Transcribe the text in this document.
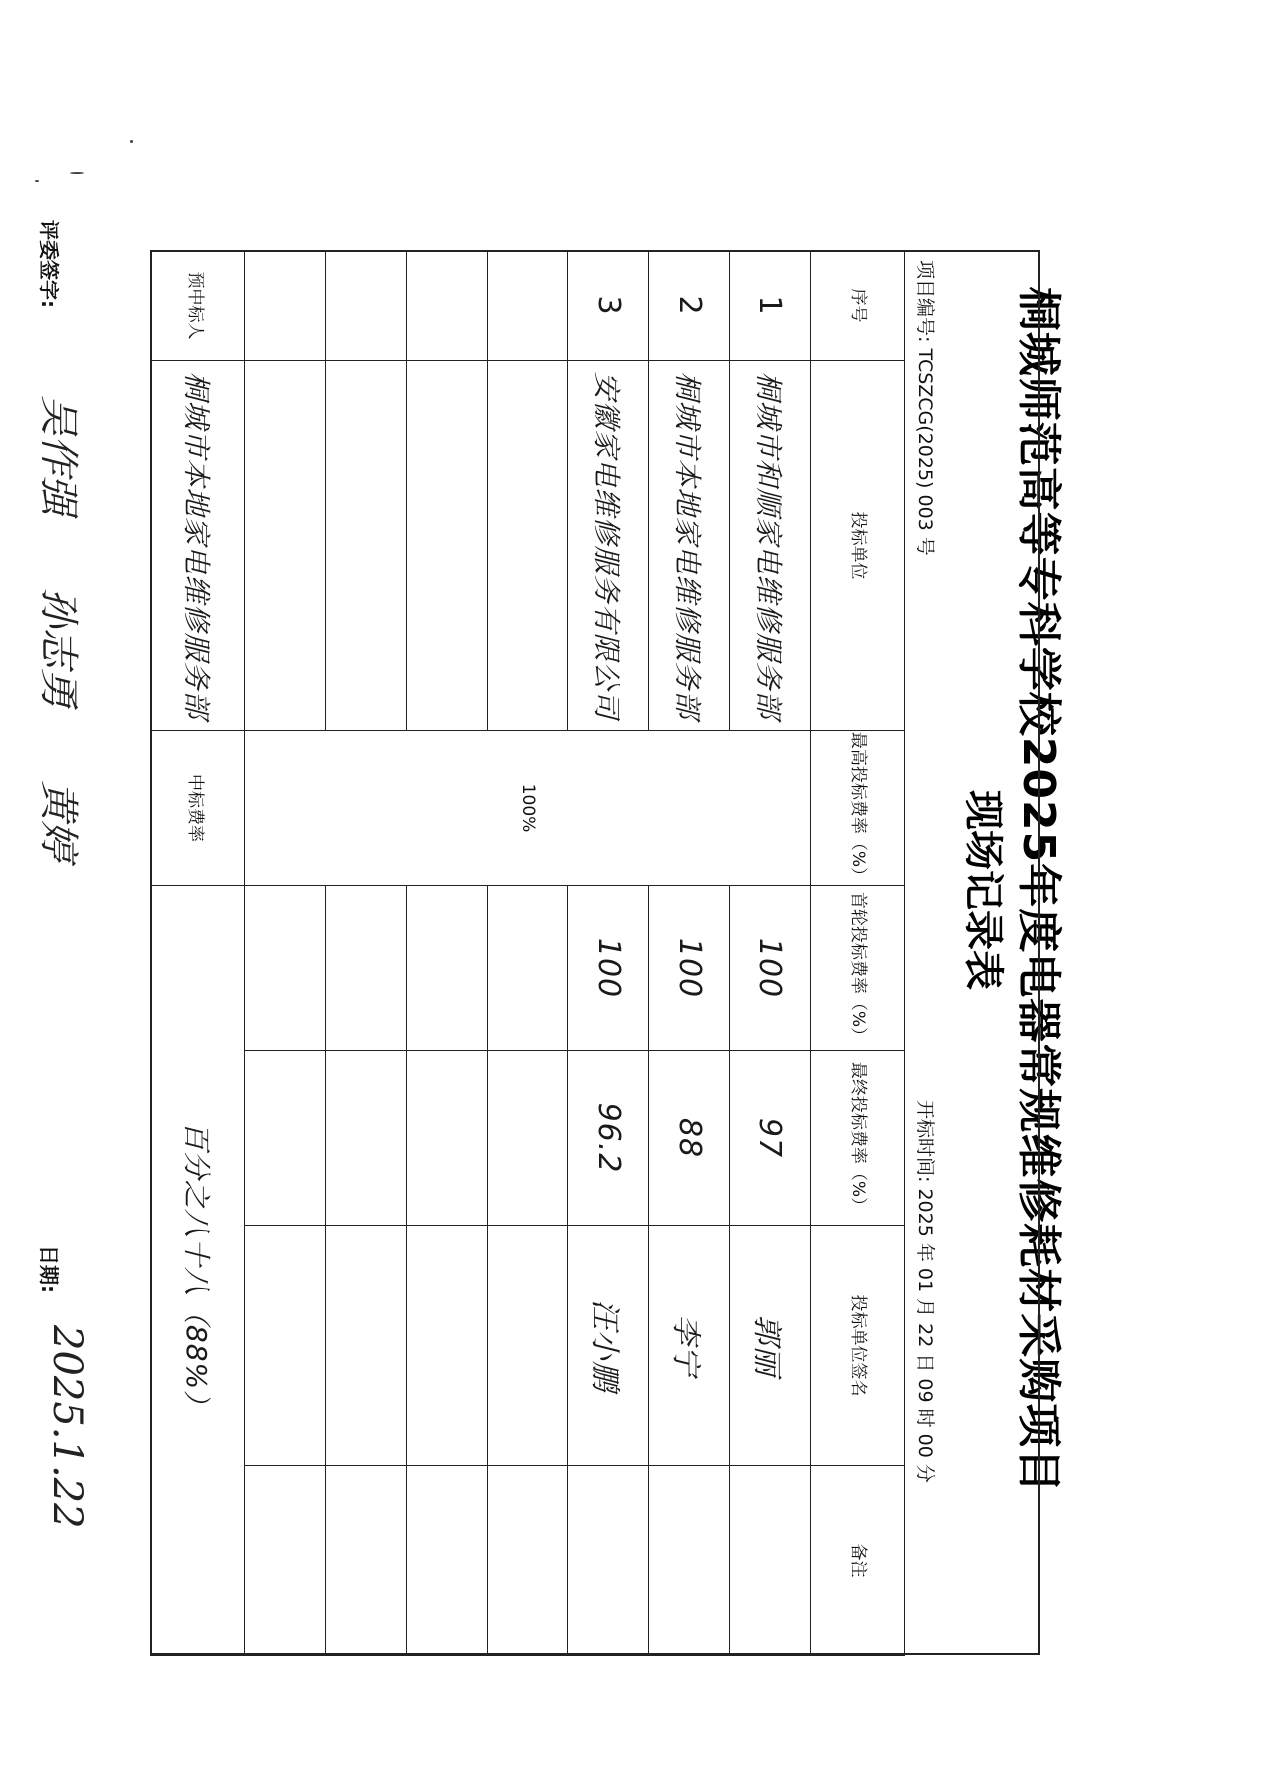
桐城师范高等专科学校2025年度电器常规维修耗材采购项目
现场记录表
项目编号: TCSZCG(2025) 003 号
开标时间: 2025 年 01 月 22 日 09 时 00 分
序号	投标单位	最高投标费率（%）	首轮投标费率（%）	最终投标费率（%）	投标单位签名	备注
1	桐城市和顺家电维修服务部	100%	100	97	郭丽	
2	桐城市本地家电维修服务部		100	88	李宁	
3	安徽家电维修服务有限公司		100	96.2	汪小鹏	

预中标人	桐城市本地家电维修服务部	中标费率	百分之八十八（88%）			
评委签字:
吴作强 孙志勇 黄婷
日期:
2025.1.22
